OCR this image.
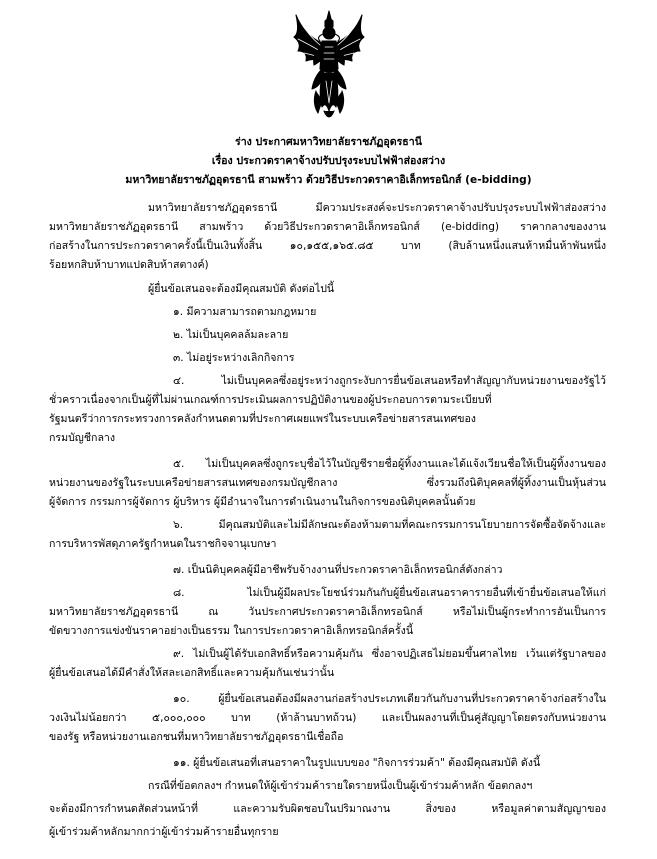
ร่าง ประกาศมหาวิทยาลัยราชภัฏอุดรธานี
เรื่อง ประกวดราคาจ้างปรับปรุงระบบไฟฟ้าส่องสว่าง
มหาวิทยาลัยราชภัฏอุดรธานี สามพร้าว ด้วยวิธีประกวดราคาอิเล็กทรอนิกส์ (e-bidding)
มหาวิทยาลัยราชภัฏอุดรธานี มีความประสงค์จะประกวดราคาจ้างปรับปรุงระบบไฟฟ้าส่องสว่าง
มหาวิทยาลัยราชภัฏอุดรธานี สามพร้าว ด้วยวิธีประกวดราคาอิเล็กทรอนิกส์ (e-bidding) ราคากลางของงาน
ก่อสร้างในการประกวดราคาครั้งนี้เป็นเงินทั้งสิ้น ๑๐,๑๕๕,๑๖๕.๘๕ บาท (สิบล้านหนึ่งแสนห้าหมื่นห้าพันหนึ่ง
ร้อยหกสิบห้าบาทแปดสิบห้าสตางค์)
ผู้ยื่นข้อเสนอจะต้องมีคุณสมบัติ ดังต่อไปนี้
๑. มีความสามารถตามกฎหมาย
๒. ไม่เป็นบุคคลล้มละลาย
๓. ไม่อยู่ระหว่างเลิกกิจการ
๔. ไม่เป็นบุคคลซึ่งอยู่ระหว่างถูกระงับการยื่นข้อเสนอหรือทำสัญญากับหน่วยงานของรัฐไว้
ชั่วคราวเนื่องจากเป็นผู้ที่ไม่ผ่านเกณฑ์การประเมินผลการปฏิบัติงานของผู้ประกอบการตามระเบียบที่
รัฐมนตรีว่าการกระทรวงการคลังกำหนดตามที่ประกาศเผยแพร่ในระบบเครือข่ายสารสนเทศของ
กรมบัญชีกลาง
๕. ไม่เป็นบุคคลซึ่งถูกระบุชื่อไว้ในบัญชีรายชื่อผู้ทิ้งงานและได้แจ้งเวียนชื่อให้เป็นผู้ทิ้งงานของ
หน่วยงานของรัฐในระบบเครือข่ายสารสนเทศของกรมบัญชีกลาง ซึ่งรวมถึงนิติบุคคลที่ผู้ทิ้งงานเป็นหุ้นส่วน
ผู้จัดการ กรรมการผู้จัดการ ผู้บริหาร ผู้มีอำนาจในการดำเนินงานในกิจการของนิติบุคคลนั้นด้วย
๖. มีคุณสมบัติและไม่มีลักษณะต้องห้ามตามที่คณะกรรมการนโยบายการจัดซื้อจัดจ้างและ
การบริหารพัสดุภาครัฐกำหนดในราชกิจจานุเบกษา
๗. เป็นนิติบุคคลผู้มีอาชีพรับจ้างงานที่ประกวดราคาอิเล็กทรอนิกส์ดังกล่าว
๘. ไม่เป็นผู้มีผลประโยชน์ร่วมกันกับผู้ยื่นข้อเสนอราคารายอื่นที่เข้ายื่นข้อเสนอให้แก่
มหาวิทยาลัยราชภัฏอุดรธานี ณ วันประกาศประกวดราคาอิเล็กทรอนิกส์ หรือไม่เป็นผู้กระทำการอันเป็นการ
ขัดขวางการแข่งขันราคาอย่างเป็นธรรม ในการประกวดราคาอิเล็กทรอนิกส์ครั้งนี้
๙. ไม่เป็นผู้ได้รับเอกสิทธิ์หรือความคุ้มกัน ซึ่งอาจปฏิเสธไม่ยอมขึ้นศาลไทย เว้นแต่รัฐบาลของ
ผู้ยื่นข้อเสนอได้มีคำสั่งให้สละเอกสิทธิ์และความคุ้มกันเช่นว่านั้น
๑๐. ผู้ยื่นข้อเสนอต้องมีผลงานก่อสร้างประเภทเดียวกันกับงานที่ประกวดราคาจ้างก่อสร้างใน
วงเงินไม่น้อยกว่า ๕,๐๐๐,๐๐๐ บาท (ห้าล้านบาทถ้วน) และเป็นผลงานที่เป็นคู่สัญญาโดยตรงกับหน่วยงาน
ของรัฐ หรือหน่วยงานเอกชนที่มหาวิทยาลัยราชภัฏอุดรธานีเชื่อถือ
๑๑. ผู้ยื่นข้อเสนอที่เสนอราคาในรูปแบบของ "กิจการร่วมค้า" ต้องมีคุณสมบัติ ดังนี้
กรณีที่ข้อตกลงฯ กำหนดให้ผู้เข้าร่วมค้ารายใดรายหนึ่งเป็นผู้เข้าร่วมค้าหลัก ข้อตกลงฯ
จะต้องมีการกำหนดสัดส่วนหน้าที่ และความรับผิดชอบในปริมาณงาน สิ่งของ หรือมูลค่าตามสัญญาของ
ผู้เข้าร่วมค้าหลักมากกว่าผู้เข้าร่วมค้ารายอื่นทุกราย
